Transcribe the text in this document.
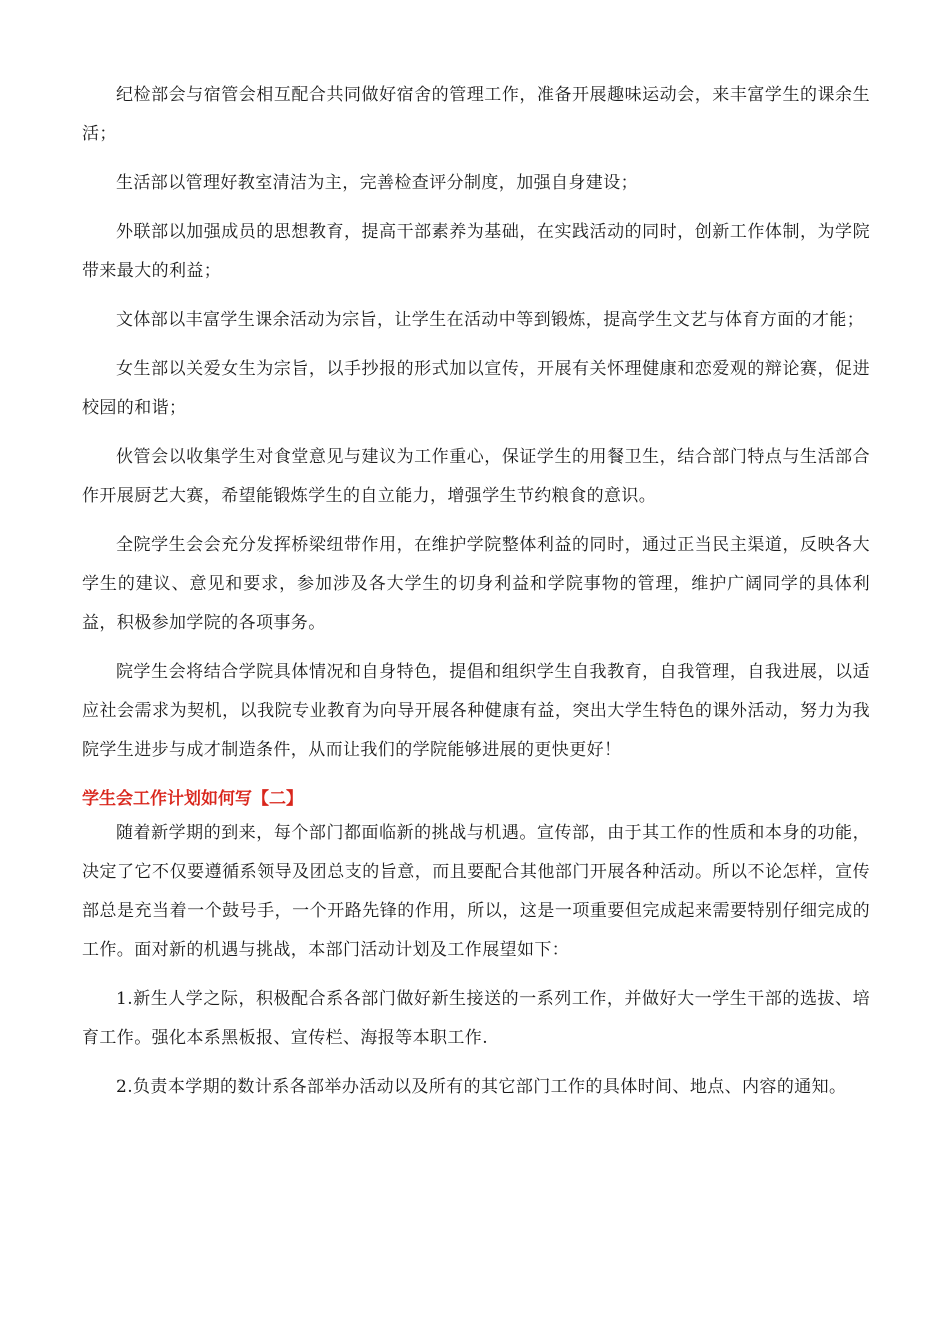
纪检部会与宿管会相互配合共同做好宿舍的管理工作，准备开展趣味运动会，来丰富学生的课余生活；

生活部以管理好教室清洁为主，完善检查评分制度，加强自身建设；

外联部以加强成员的思想教育，提高干部素养为基础，在实践活动的同时，创新工作体制，为学院带来最大的利益；

文体部以丰富学生课余活动为宗旨，让学生在活动中等到锻炼，提高学生文艺与体育方面的才能；

女生部以关爱女生为宗旨，以手抄报的形式加以宣传，开展有关怀理健康和恋爱观的辩论赛，促进校园的和谐；

伙管会以收集学生对食堂意见与建议为工作重心，保证学生的用餐卫生，结合部门特点与生活部合作开展厨艺大赛，希望能锻炼学生的自立能力，增强学生节约粮食的意识。

全院学生会会充分发挥桥梁纽带作用，在维护学院整体利益的同时，通过正当民主渠道，反映各大学生的建议、意见和要求，参加涉及各大学生的切身利益和学院事物的管理，维护广阔同学的具体利益，积极参加学院的各项事务。

院学生会将结合学院具体情况和自身特色，提倡和组织学生自我教育，自我管理，自我进展，以适应社会需求为契机，以我院专业教育为向导开展各种健康有益，突出大学生特色的课外活动，努力为我院学生进步与成才制造条件，从而让我们的学院能够进展的更快更好！

学生会工作计划如何写【二】

随着新学期的到来，每个部门都面临新的挑战与机遇。宣传部，由于其工作的性质和本身的功能，决定了它不仅要遵循系领导及团总支的旨意，而且要配合其他部门开展各种活动。所以不论怎样，宣传部总是充当着一个鼓号手，一个开路先锋的作用，所以，这是一项重要但完成起来需要特别仔细完成的工作。面对新的机遇与挑战，本部门活动计划及工作展望如下：

1.新生人学之际，积极配合系各部门做好新生接送的一系列工作，并做好大一学生干部的选拔、培育工作。强化本系黑板报、宣传栏、海报等本职工作.

2.负责本学期的数计系各部举办活动以及所有的其它部门工作的具体时间、地点、内容的通知。
